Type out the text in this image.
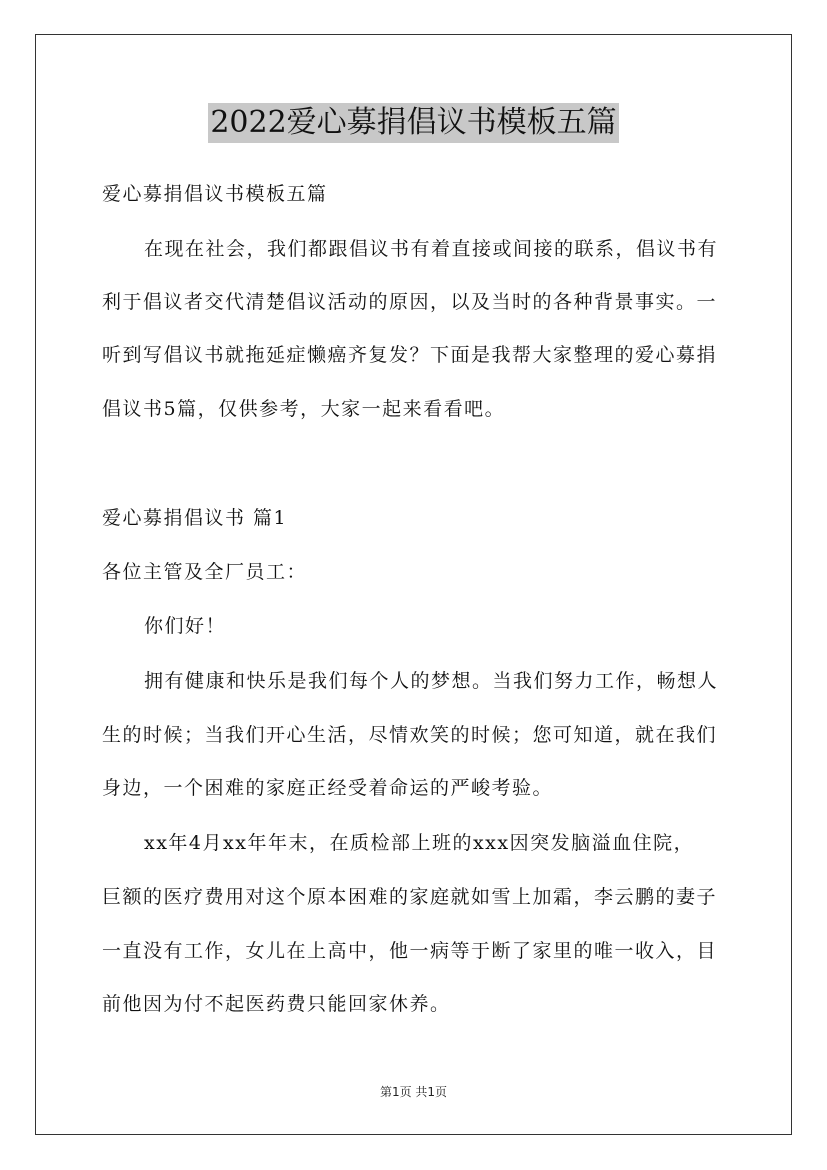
2022爱心募捐倡议书模板五篇
爱心募捐倡议书模板五篇
在现在社会，我们都跟倡议书有着直接或间接的联系，倡议书有
利于倡议者交代清楚倡议活动的原因，以及当时的各种背景事实。一
听到写倡议书就拖延症懒癌齐复发？下面是我帮大家整理的爱心募捐
倡议书5篇，仅供参考，大家一起来看看吧。
爱心募捐倡议书 篇1
各位主管及全厂员工：
你们好！
拥有健康和快乐是我们每个人的梦想。当我们努力工作，畅想人
生的时候；当我们开心生活，尽情欢笑的时候；您可知道，就在我们
身边，一个困难的家庭正经受着命运的严峻考验。
xx年4月xx年年末，在质检部上班的xxx因突发脑溢血住院，
巨额的医疗费用对这个原本困难的家庭就如雪上加霜，李云鹏的妻子
一直没有工作，女儿在上高中，他一病等于断了家里的唯一收入，目
前他因为付不起医药费只能回家休养。
第1页 共1页
